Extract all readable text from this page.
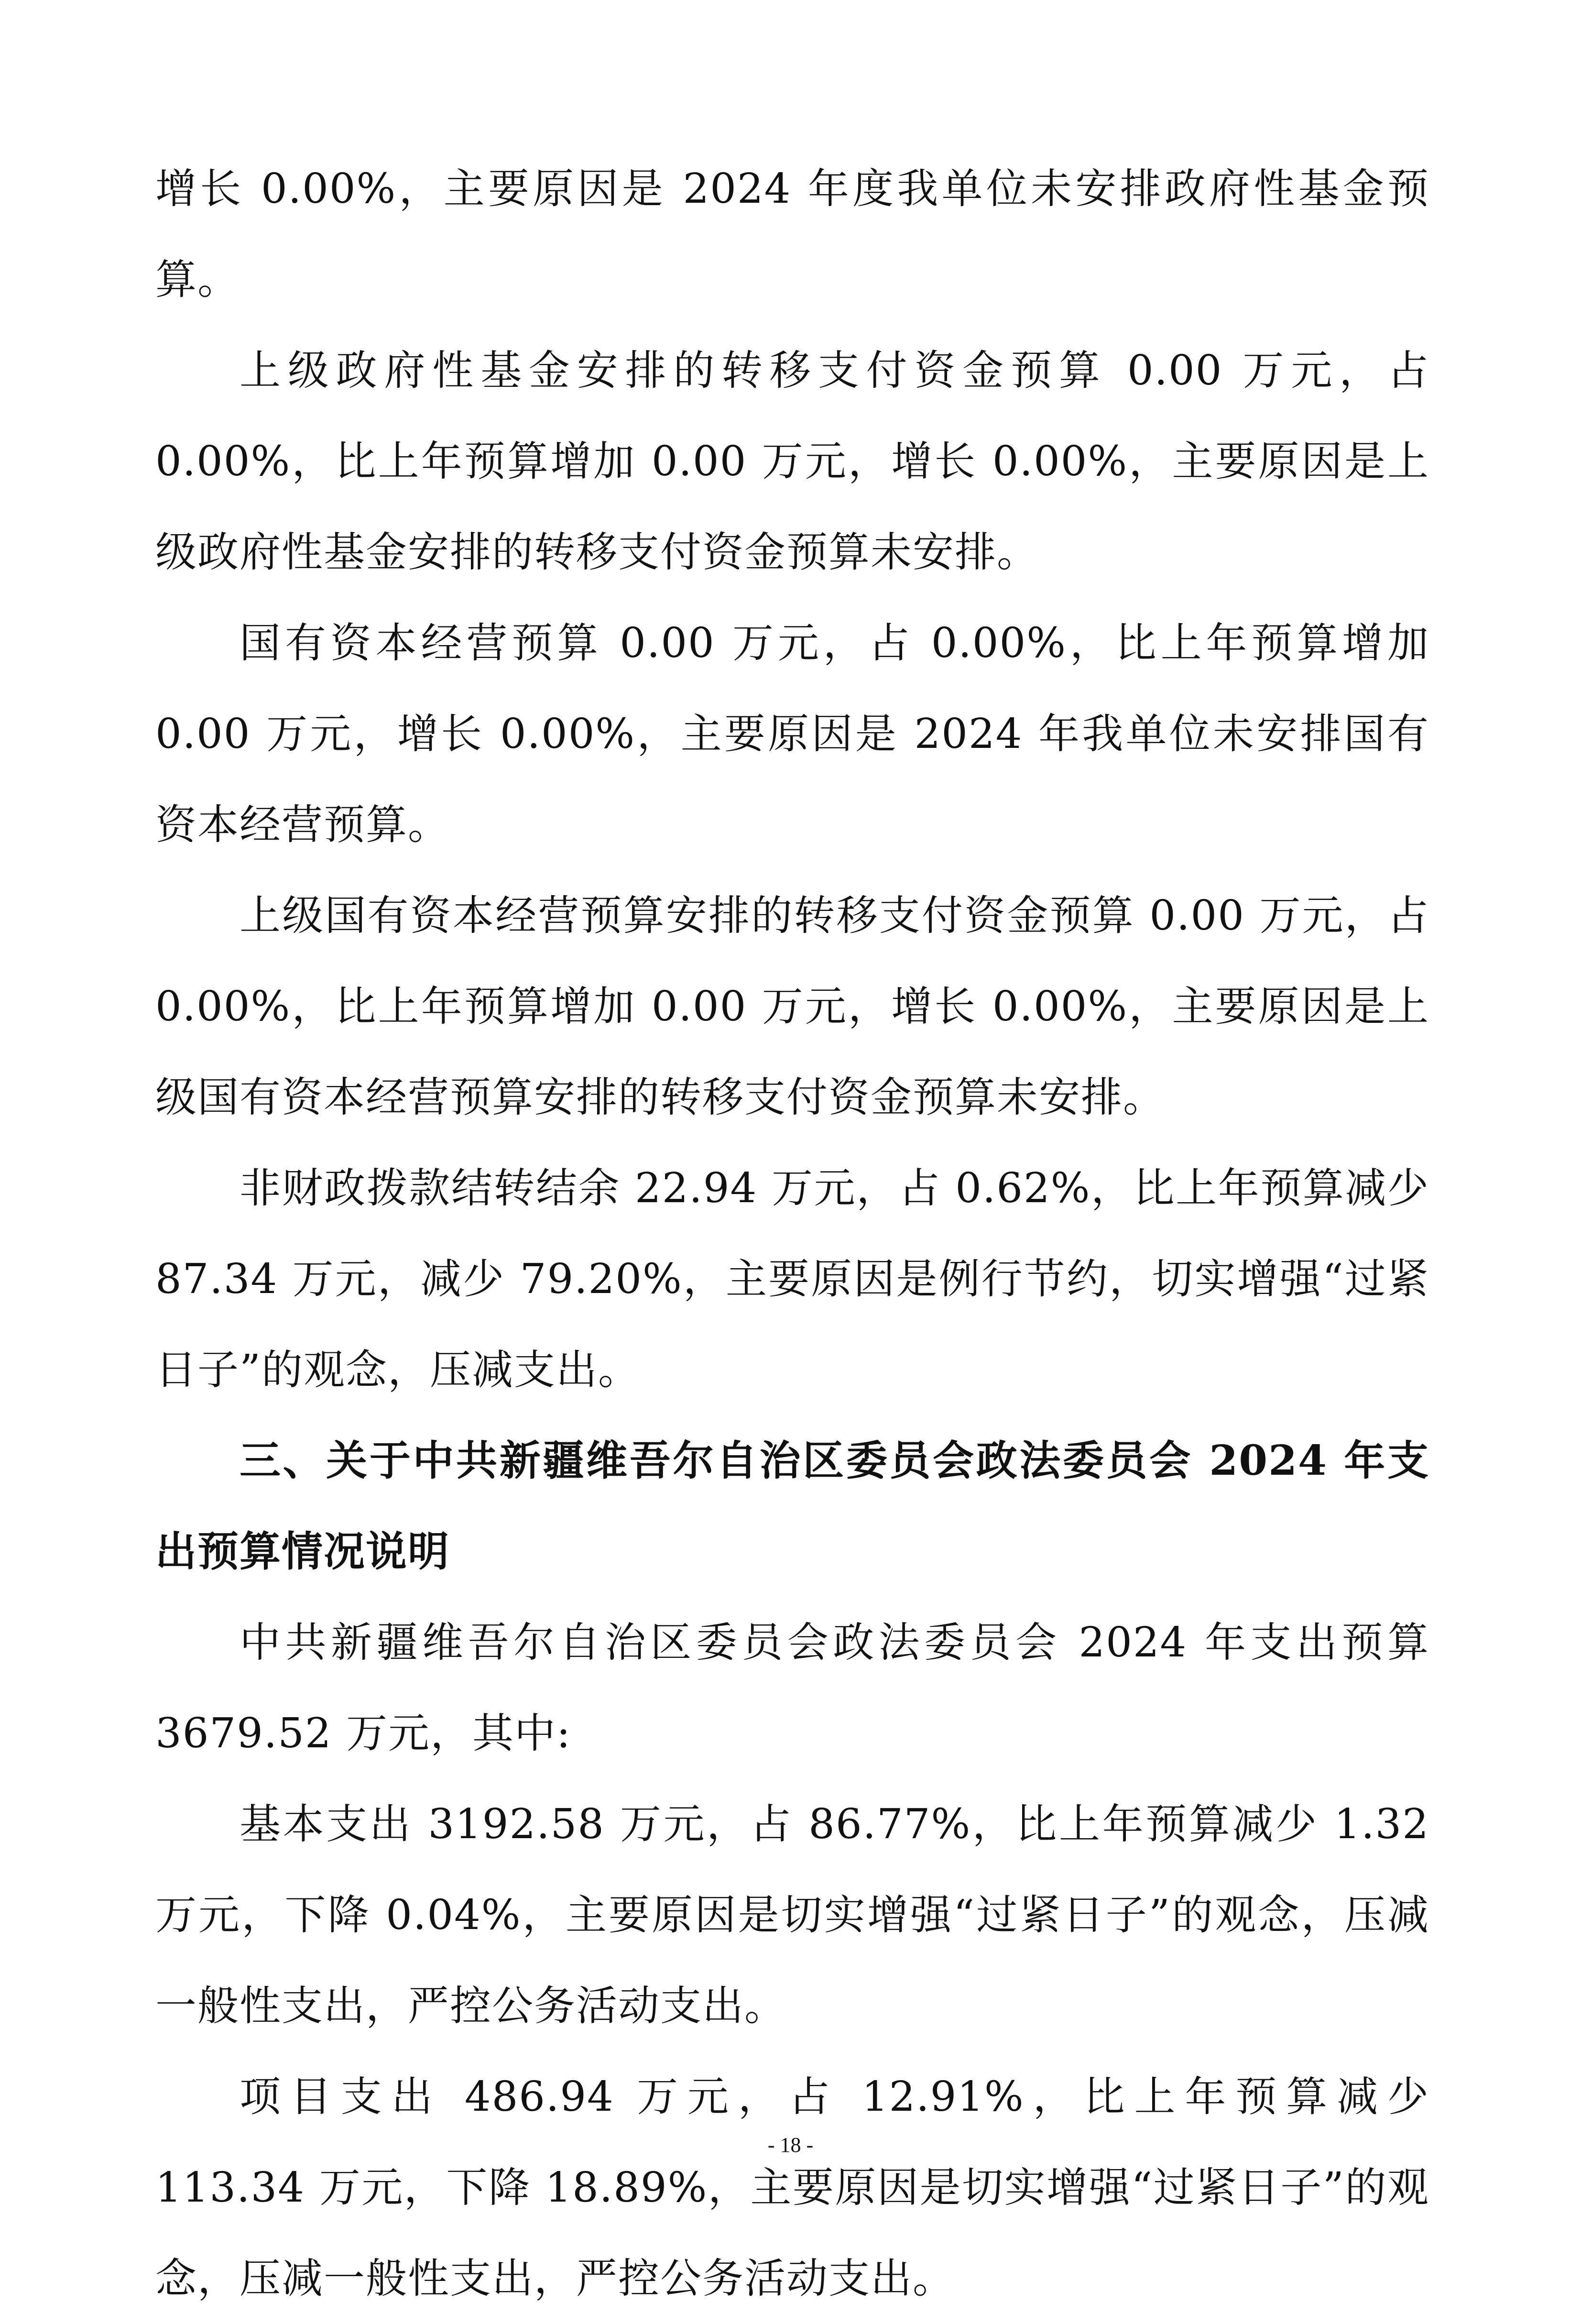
增长 0.00%，主要原因是 2024 年度我单位未安排政府性基金预算。

上级政府性基金安排的转移支付资金预算 0.00 万元，占 0.00%，比上年预算增加 0.00 万元，增长 0.00%，主要原因是上级政府性基金安排的转移支付资金预算未安排。

国有资本经营预算 0.00 万元，占 0.00%，比上年预算增加 0.00 万元，增长 0.00%，主要原因是 2024 年我单位未安排国有资本经营预算。

上级国有资本经营预算安排的转移支付资金预算 0.00 万元，占 0.00%，比上年预算增加 0.00 万元，增长 0.00%，主要原因是上级国有资本经营预算安排的转移支付资金预算未安排。

非财政拨款结转结余 22.94 万元，占 0.62%，比上年预算减少 87.34 万元，减少 79.20%，主要原因是例行节约，切实增强“过紧日子”的观念，压减支出。

三、关于中共新疆维吾尔自治区委员会政法委员会 2024 年支出预算情况说明

中共新疆维吾尔自治区委员会政法委员会 2024 年支出预算 3679.52 万元，其中:

基本支出 3192.58 万元，占 86.77%，比上年预算减少 1.32 万元，下降 0.04%，主要原因是切实增强“过紧日子”的观念，压减一般性支出，严控公务活动支出。

项目支出 486.94 万元，占 12.91%，比上年预算减少 113.34 万元，下降 18.89%，主要原因是切实增强“过紧日子”的观念，压减一般性支出，严控公务活动支出。

- 18 -
